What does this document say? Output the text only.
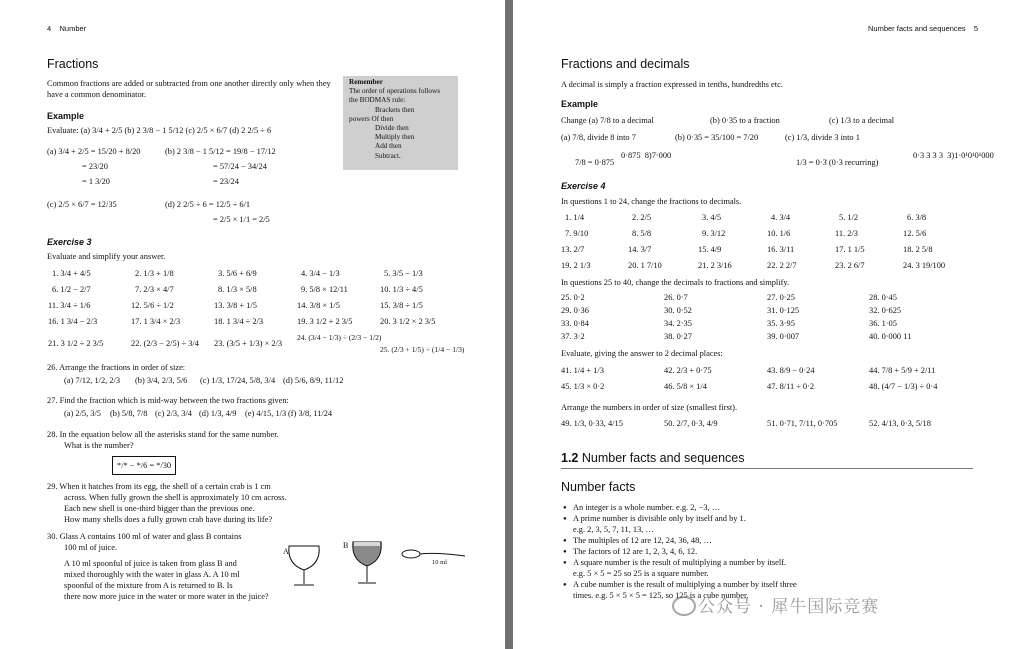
4 Number
Fractions
Common fractions are added or subtracted from one another directly only when they have a common denominator.
Remember
The order of operations follows
the BODMAS rule:
Brackets then
powers Of then
Divide then
Multiply then
Add then
Subtract.
Example
Evaluate: (a) 3/4 + 2/5 (b) 2 3/8 − 1 5/12 (c) 2/5 × 6/7 (d) 2 2/5 ÷ 6
(a) 3/4 + 2/5 = 15/20 + 8/20
= 23/20
= 1 3/20
(b) 2 3/8 − 1 5/12 = 19/8 − 17/12
= 57/24 − 34/24
= 23/24
(c) 2/5 × 6/7 = 12/35	(d) 2 2/5 ÷ 6 = 12/5 ÷ 6/1
= 2/5 × 1/1 = 2/5
Exercise 3
Evaluate and simplify your answer.
1. 3/4 + 4/5	2. 1/3 + 1/8	3. 5/6 + 6/9	4. 3/4 − 1/3	5. 3/5 − 1/3
6. 1/2 − 2/7	7. 2/3 × 4/7	8. 1/3 × 5/8	9. 5/8 × 12/11	10. 1/3 ÷ 4/5
11. 3/4 ÷ 1/6	12. 5/6 ÷ 1/2	13. 3/8 + 1/5	14. 3/8 × 1/5	15. 3/8 ÷ 1/5
16. 1 3/4 − 2/3	17. 1 3/4 × 2/3	18. 1 3/4 ÷ 2/3	19. 3 1/2 + 2 3/5	20. 3 1/2 × 2 3/5
21. 3 1/2 ÷ 2 3/5	22. (2/3 − 2/5) ÷ 3/4 23. (3/5 + 1/3) × 2/3
24. (3/4 − 1/3) ÷ (2/3 − 1/2)
25. (2/3 + 1/5) ÷ (1/4 − 1/3)
26. Arrange the fractions in order of size:
(a) 7/12, 1/2, 2/3 (b) 3/4, 2/3, 5/6 (c) 1/3, 17/24, 5/8, 3/4 (d) 5/6, 8/9, 11/12
27. Find the fraction which is mid-way between the two fractions given:
(a) 2/5, 3/5 (b) 5/8, 7/8 (c) 2/3, 3/4 (d) 1/3, 4/9 (e) 4/15, 1/3 (f) 3/8, 11/24
28. In the equation below all the asterisks stand for the same number.
What is the number?
*/* − */6 = */30
29. When it hatches from its egg, the shell of a certain crab is 1 cm
across. When fully grown the shell is approximately 10 cm across.
Each new shell is one-third bigger than the previous one.
How many shells does a fully grown crab have during its life?
30. Glass A contains 100 ml of water and glass B contains
100 ml of juice.
A 10 ml spoonful of juice is taken from glass B and
mixed thoroughly with the water in glass A. A 10 ml
spoonful of the mixture from A is returned to B. Is
there now more juice in the water or more water in the juice?
A
B
10 ml
Number facts and sequences 5
Fractions and decimals
A decimal is simply a fraction expressed in tenths, hundredths etc.
Example
Change (a) 7/8 to a decimal	(b) 0·35 to a fraction	(c) 1/3 to a decimal
(a) 7/8, divide 8 into 7	(b) 0·35 = 35/100 = 7/20	(c) 1/3, divide 3 into 1
7/8 = 0·875
0·875  8)7·000
1/3 = 0·3̇ (0·3 recurring)
0·3 3 3 3  3)1·0¹0¹0¹000
Exercise 4
In questions 1 to 24, change the fractions to decimals.
1. 1/4	2. 2/5	3. 4/5	4. 3/4	5. 1/2	6. 3/8
7. 9/10	8. 5/8	9. 3/12	10. 1/6	11. 2/3	12. 5/6
13. 2/7	14. 3/7	15. 4/9	16. 3/11	17. 1 1/5	18. 2 5/8
19. 2 1/3	20. 1 7/10	21. 2 3/16	22. 2 2/7	23. 2 6/7	24. 3 19/100
In questions 25 to 40, change the decimals to fractions and simplify.
25. 0·2	26. 0·7	27. 0·25	28. 0·45
29. 0·36	30. 0·52	31. 0·125	32. 0·625
33. 0·84	34. 2·35	35. 3·95	36. 1·05
37. 3·2	38. 0·27	39. 0·007	40. 0·000 11
Evaluate, giving the answer to 2 decimal places:
41. 1/4 + 1/3	42. 2/3 + 0·75	43. 8/9 − 0·24	44. 7/8 + 5/9 + 2/11
45. 1/3 × 0·2	46. 5/8 × 1/4	47. 8/11 ÷ 0·2	48. (4/7 − 1/3) ÷ 0·4
Arrange the numbers in order of size (smallest first).
49. 1/3, 0·33, 4/15	50. 2/7, 0·3, 4/9	51. 0·71, 7/11, 0·705	52. 4/13, 0·3, 5/18
1.2 Number facts and sequences
Number facts
● An integer is a whole number. e.g. 2, −3, …
● A prime number is divisible only by itself and by 1.
e.g. 2, 3, 5, 7, 11, 13, …
● The multiples of 12 are 12, 24, 36, 48, …
● The factors of 12 are 1, 2, 3, 4, 6, 12.
● A square number is the result of multiplying a number by itself.
e.g. 5 × 5 = 25 so 25 is a square number.
● A cube number is the result of multiplying a number by itself three
times. e.g. 5 × 5 × 5 = 125, so 125 is a cube number.
公众号 · 犀牛国际竞赛
